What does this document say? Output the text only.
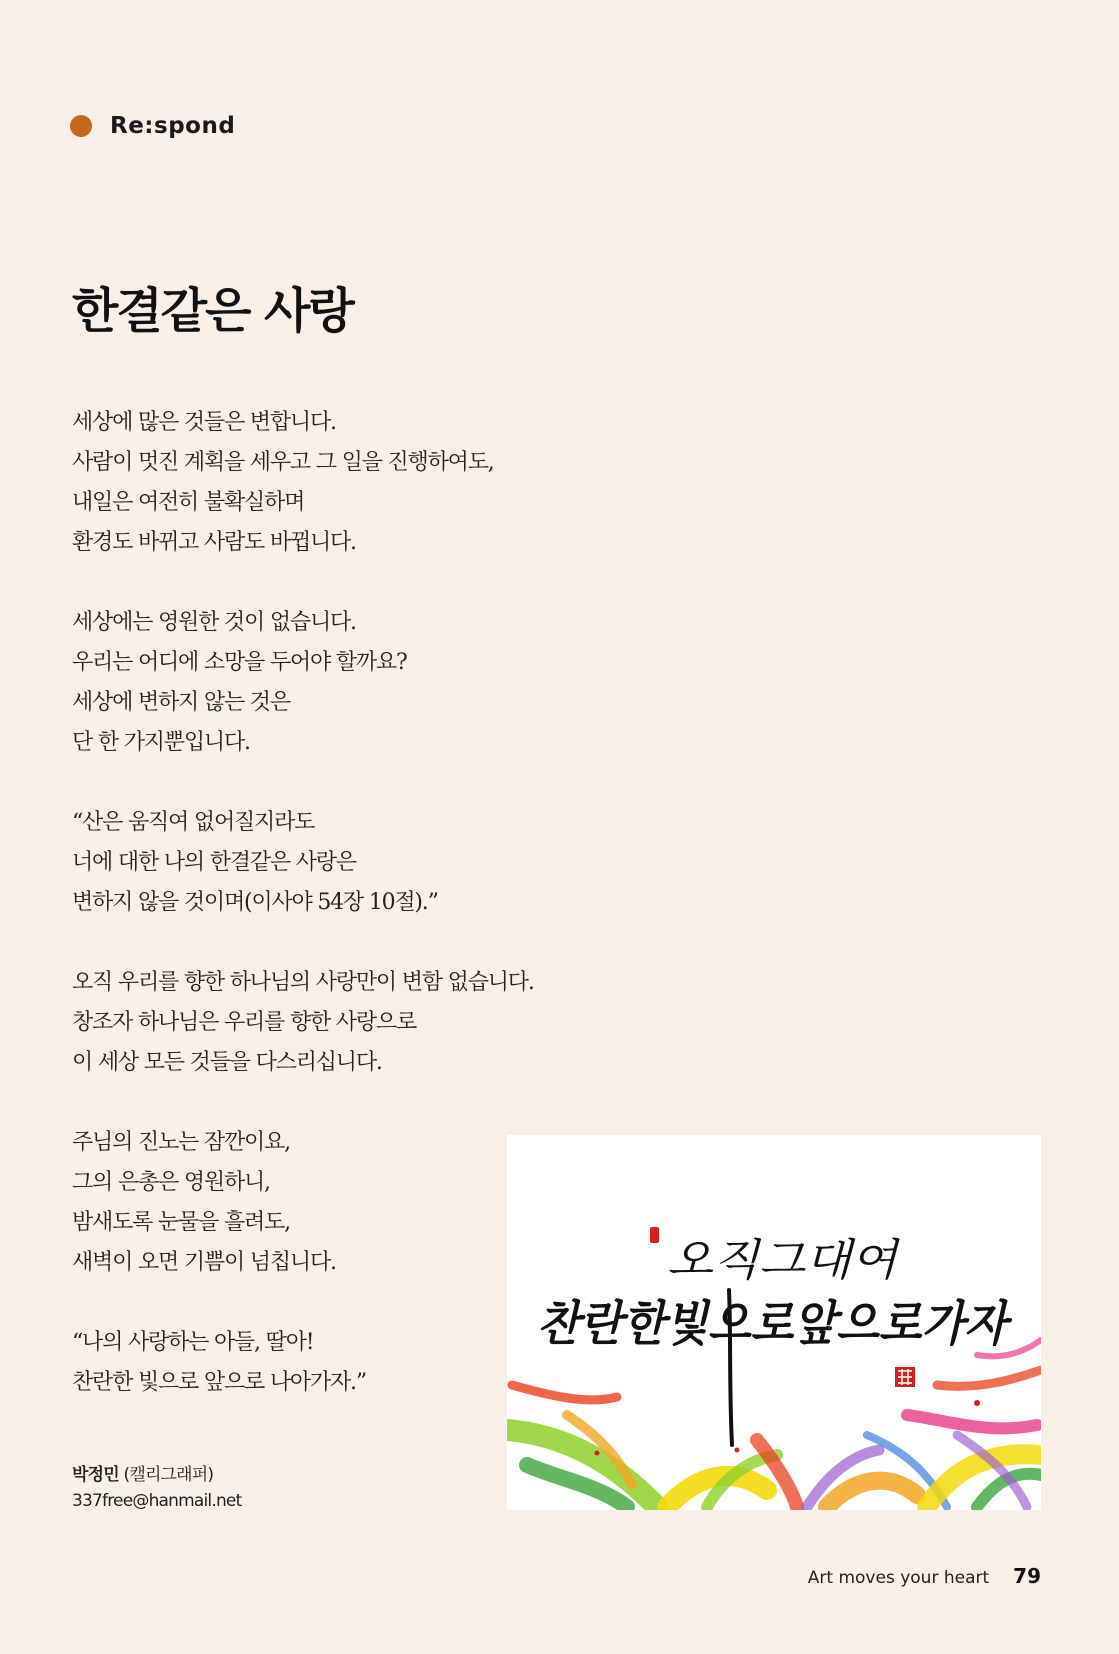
Re:spond
한결같은 사랑
세상에 많은 것들은 변합니다.
사람이 멋진 계획을 세우고 그 일을 진행하여도,
내일은 여전히 불확실하며
환경도 바뀌고 사람도 바뀝니다.
세상에는 영원한 것이 없습니다.
우리는 어디에 소망을 두어야 할까요?
세상에 변하지 않는 것은
단 한 가지뿐입니다.
“산은 움직여 없어질지라도
너에 대한 나의 한결같은 사랑은
변하지 않을 것이며(이사야 54장 10절).”
오직 우리를 향한 하나님의 사랑만이 변함 없습니다.
창조자 하나님은 우리를 향한 사랑으로
이 세상 모든 것들을 다스리십니다.
주님의 진노는 잠깐이요,
그의 은총은 영원하니,
밤새도록 눈물을 흘려도,
새벽이 오면 기쁨이 넘칩니다.
“나의 사랑하는 아들, 딸아!
찬란한 빛으로 앞으로 나아가자.”
박정민 (캘리그래퍼)
337free@hanmail.net
오직그대여
찬란한빛으로앞으로가자
Art moves your heart 79
